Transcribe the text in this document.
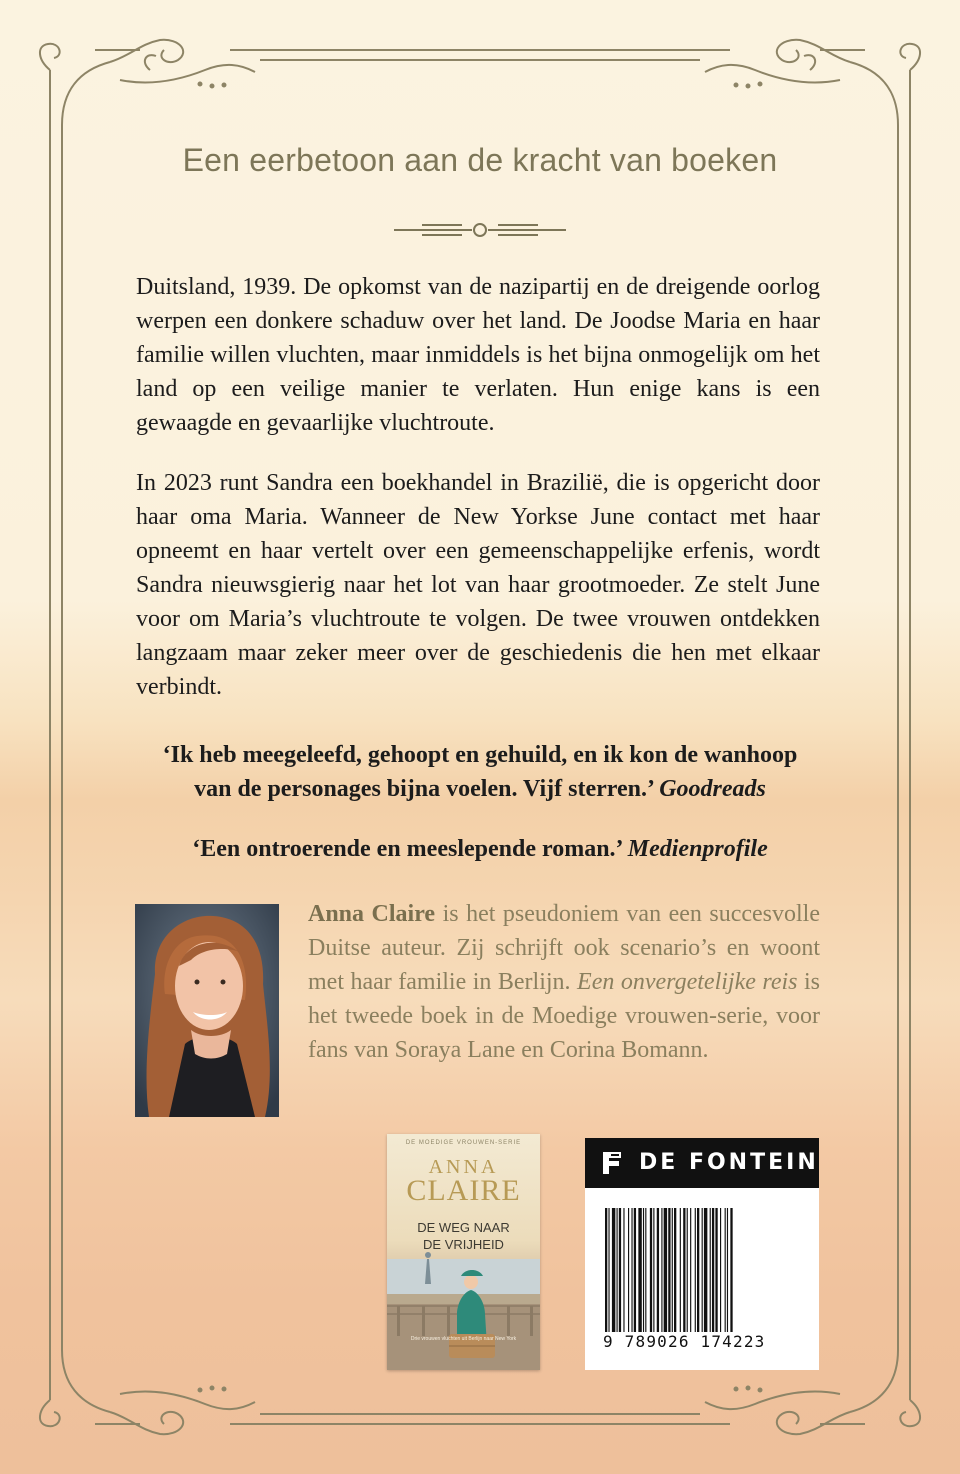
Een eerbetoon aan de kracht van boeken

Duitsland, 1939. De opkomst van de nazipartij en de dreigende oorlog werpen een donkere schaduw over het land. De Joodse Maria en haar familie willen vluchten, maar inmiddels is het bijna onmogelijk om het land op een veilige manier te verlaten. Hun enige kans is een gewaagde en gevaarlijke vluchtroute.

In 2023 runt Sandra een boekhandel in Brazilië, die is opgericht door haar oma Maria. Wanneer de New Yorkse June contact met haar opneemt en haar vertelt over een gemeenschappelijke erfenis, wordt Sandra nieuwsgierig naar het lot van haar grootmoeder. Ze stelt June voor om Maria’s vluchtroute te volgen. De twee vrouwen ontdekken langzaam maar zeker meer over de geschiedenis die hen met elkaar verbindt.

‘Ik heb meegeleefd, gehoopt en gehuild, en ik kon de wanhoop
van de personages bijna voelen. Vijf sterren.’ Goodreads

‘Een ontroerende en meeslepende roman.’ Medienprofile

Anna Claire is het pseudoniem van een succesvolle Duitse auteur. Zij schrijft ook scenario’s en woont met haar familie in Berlijn. Een onvergetelijke reis is het tweede boek in de Moedige vrouwen-serie, voor fans van Soraya Lane en Corina Bomann.

DE MOEDIGE VROUWEN-SERIE
ANNA
CLAIRE
DE WEG NAAR
DE VRIJHEID
Drie vrouwen vluchten uit Berlijn naar New York
DE FONTEIN
9 789026 174223
